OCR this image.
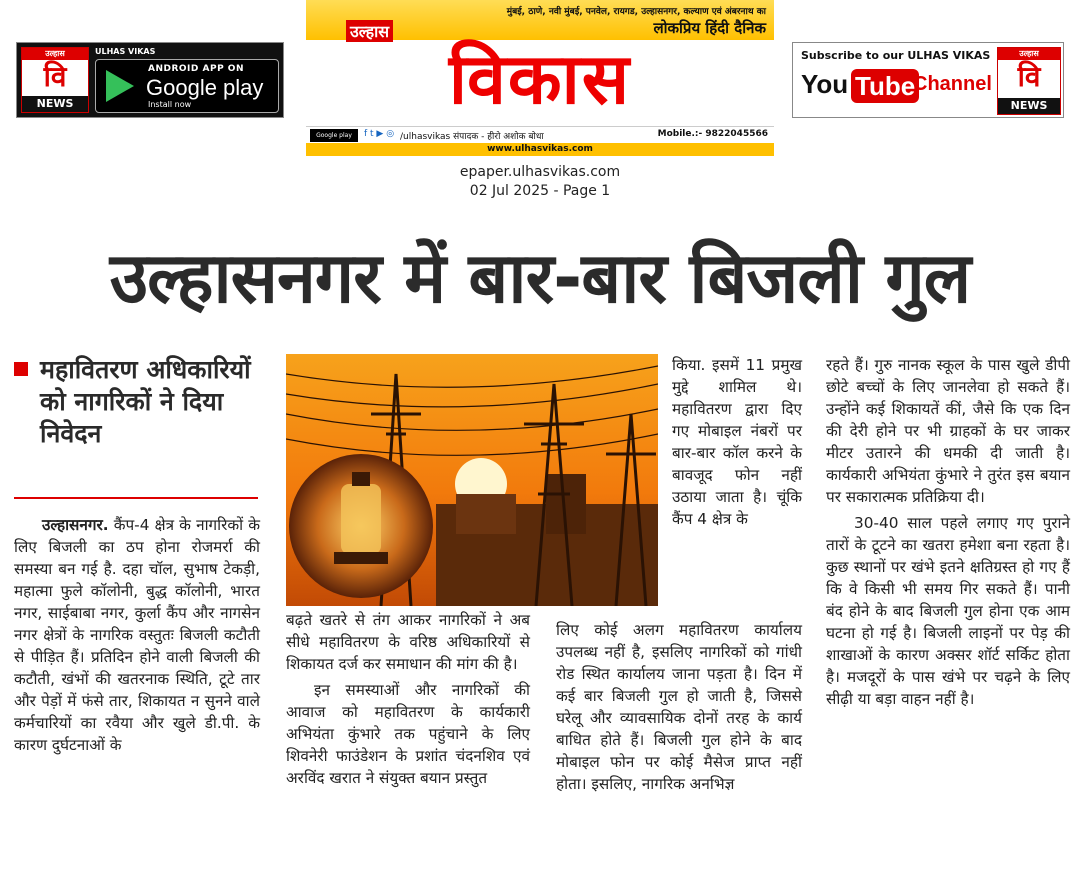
उल्हास
वि
NEWS
ULHAS VIKAS
ANDROID APP ON
Google play
Install now
मुंबई, ठाणे, नवी मुंबई, पनवेल, रायगड, उल्हासनगर, कल्याण एवं अंबरनाथ का
लोकप्रिय हिंदी दैनिक
उल्हास
विकास
Google play	f t ▶ ◎ /ulhasvikas संपादक - हीरो अशोक बोधा	Mobile.:- 9822045566
www.ulhasvikas.com
Subscribe to our ULHAS VIKAS
You Tube
Channel
उल्हास
वि
NEWS
epaper.ulhasvikas.com
02 Jul 2025 - Page 1
उल्हासनगर में बार-बार बिजली गुल
महावितरण अधिकारियों को नागरिकों ने दिया निवेदन

उल्हासनगर. कैंप-4 क्षेत्र के नागरिकों के लिए बिजली का ठप होना रोजमर्रा की समस्या बन गई है. दहा चॉल, सुभाष टेकड़ी, महात्मा फुले कॉलोनी, बुद्ध कॉलोनी, भारत नगर, साईबाबा नगर, कुर्ला कैंप और नागसेन नगर क्षेत्रों के नागरिक वस्तुतः बिजली कटौती से पीड़ित हैं। प्रतिदिन होने वाली बिजली की कटौती, खंभों की खतरनाक स्थिति, टूटे तार और पेड़ों में फंसे तार, शिकायत न सुनने वाले कर्मचारियों का रवैया और खुले डी.पी. के कारण दुर्घटनाओं के

बढ़ते खतरे से तंग आकर नागरिकों ने अब सीधे महावितरण के वरिष्ठ अधिकारियों से शिकायत दर्ज कर समाधान की मांग की है।

इन समस्याओं और नागरिकों की आवाज को महावितरण के कार्यकारी अभियंता कुंभारे तक पहुंचाने के लिए शिवनेरी फाउंडेशन के प्रशांत चंदनशिव एवं अरविंद खरात ने संयुक्त बयान प्रस्तुत

किया. इसमें 11 प्रमुख मुद्दे शामिल थे। महावितरण द्वारा दिए गए मोबाइल नंबरों पर बार-बार कॉल करने के बावजूद फोन नहीं उठाया जाता है। चूंकि कैंप 4 क्षेत्र के

लिए कोई अलग महावितरण कार्यालय उपलब्ध नहीं है, इसलिए नागरिकों को गांधी रोड स्थित कार्यालय जाना पड़ता है। दिन में कई बार बिजली गुल हो जाती है, जिससे घरेलू और व्यावसायिक दोनों तरह के कार्य बाधित होते हैं। बिजली गुल होने के बाद मोबाइल फोन पर कोई मैसेज प्राप्त नहीं होता। इसलिए, नागरिक अनभिज्ञ

रहते हैं। गुरु नानक स्कूल के पास खुले डीपी छोटे बच्चों के लिए जानलेवा हो सकते हैं। उन्होंने कई शिकायतें कीं, जैसे कि एक दिन की देरी होने पर भी ग्राहकों के घर जाकर मीटर उतारने की धमकी दी जाती है। कार्यकारी अभियंता कुंभारे ने तुरंत इस बयान पर सकारात्मक प्रतिक्रिया दी।

30-40 साल पहले लगाए गए पुराने तारों के टूटने का खतरा हमेशा बना रहता है। कुछ स्थानों पर खंभे इतने क्षतिग्रस्त हो गए हैं कि वे किसी भी समय गिर सकते हैं। पानी बंद होने के बाद बिजली गुल होना एक आम घटना हो गई है। बिजली लाइनों पर पेड़ की शाखाओं के कारण अक्सर शॉर्ट सर्किट होता है। मजदूरों के पास खंभे पर चढ़ने के लिए सीढ़ी या बड़ा वाहन नहीं है।
